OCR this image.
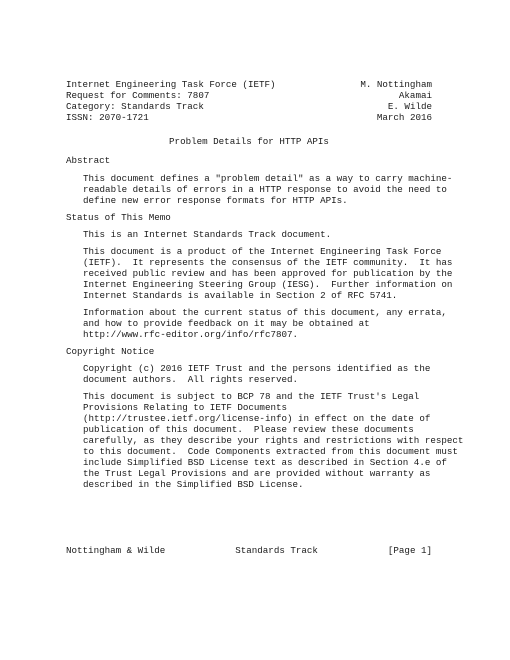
Internet Engineering Task Force (IETF)	M. Nottingham
Request for Comments: 7807	Akamai
Category: Standards Track	E. Wilde
ISSN: 2070-1721	March 2016
Problem Details for HTTP APIs
Abstract
This document defines a "problem detail" as a way to carry machine-
readable details of errors in a HTTP response to avoid the need to
define new error response formats for HTTP APIs.
Status of This Memo
This is an Internet Standards Track document.
This document is a product of the Internet Engineering Task Force
(IETF).  It represents the consensus of the IETF community.  It has
received public review and has been approved for publication by the
Internet Engineering Steering Group (IESG).  Further information on
Internet Standards is available in Section 2 of RFC 5741.
Information about the current status of this document, any errata,
and how to provide feedback on it may be obtained at
http://www.rfc-editor.org/info/rfc7807.
Copyright Notice
Copyright (c) 2016 IETF Trust and the persons identified as the
document authors.  All rights reserved.
This document is subject to BCP 78 and the IETF Trust's Legal
Provisions Relating to IETF Documents
(http://trustee.ietf.org/license-info) in effect on the date of
publication of this document.  Please review these documents
carefully, as they describe your rights and restrictions with respect
to this document.  Code Components extracted from this document must
include Simplified BSD License text as described in Section 4.e of
the Trust Legal Provisions and are provided without warranty as
described in the Simplified BSD License.
Nottingham & Wilde	Standards Track	[Page 1]
